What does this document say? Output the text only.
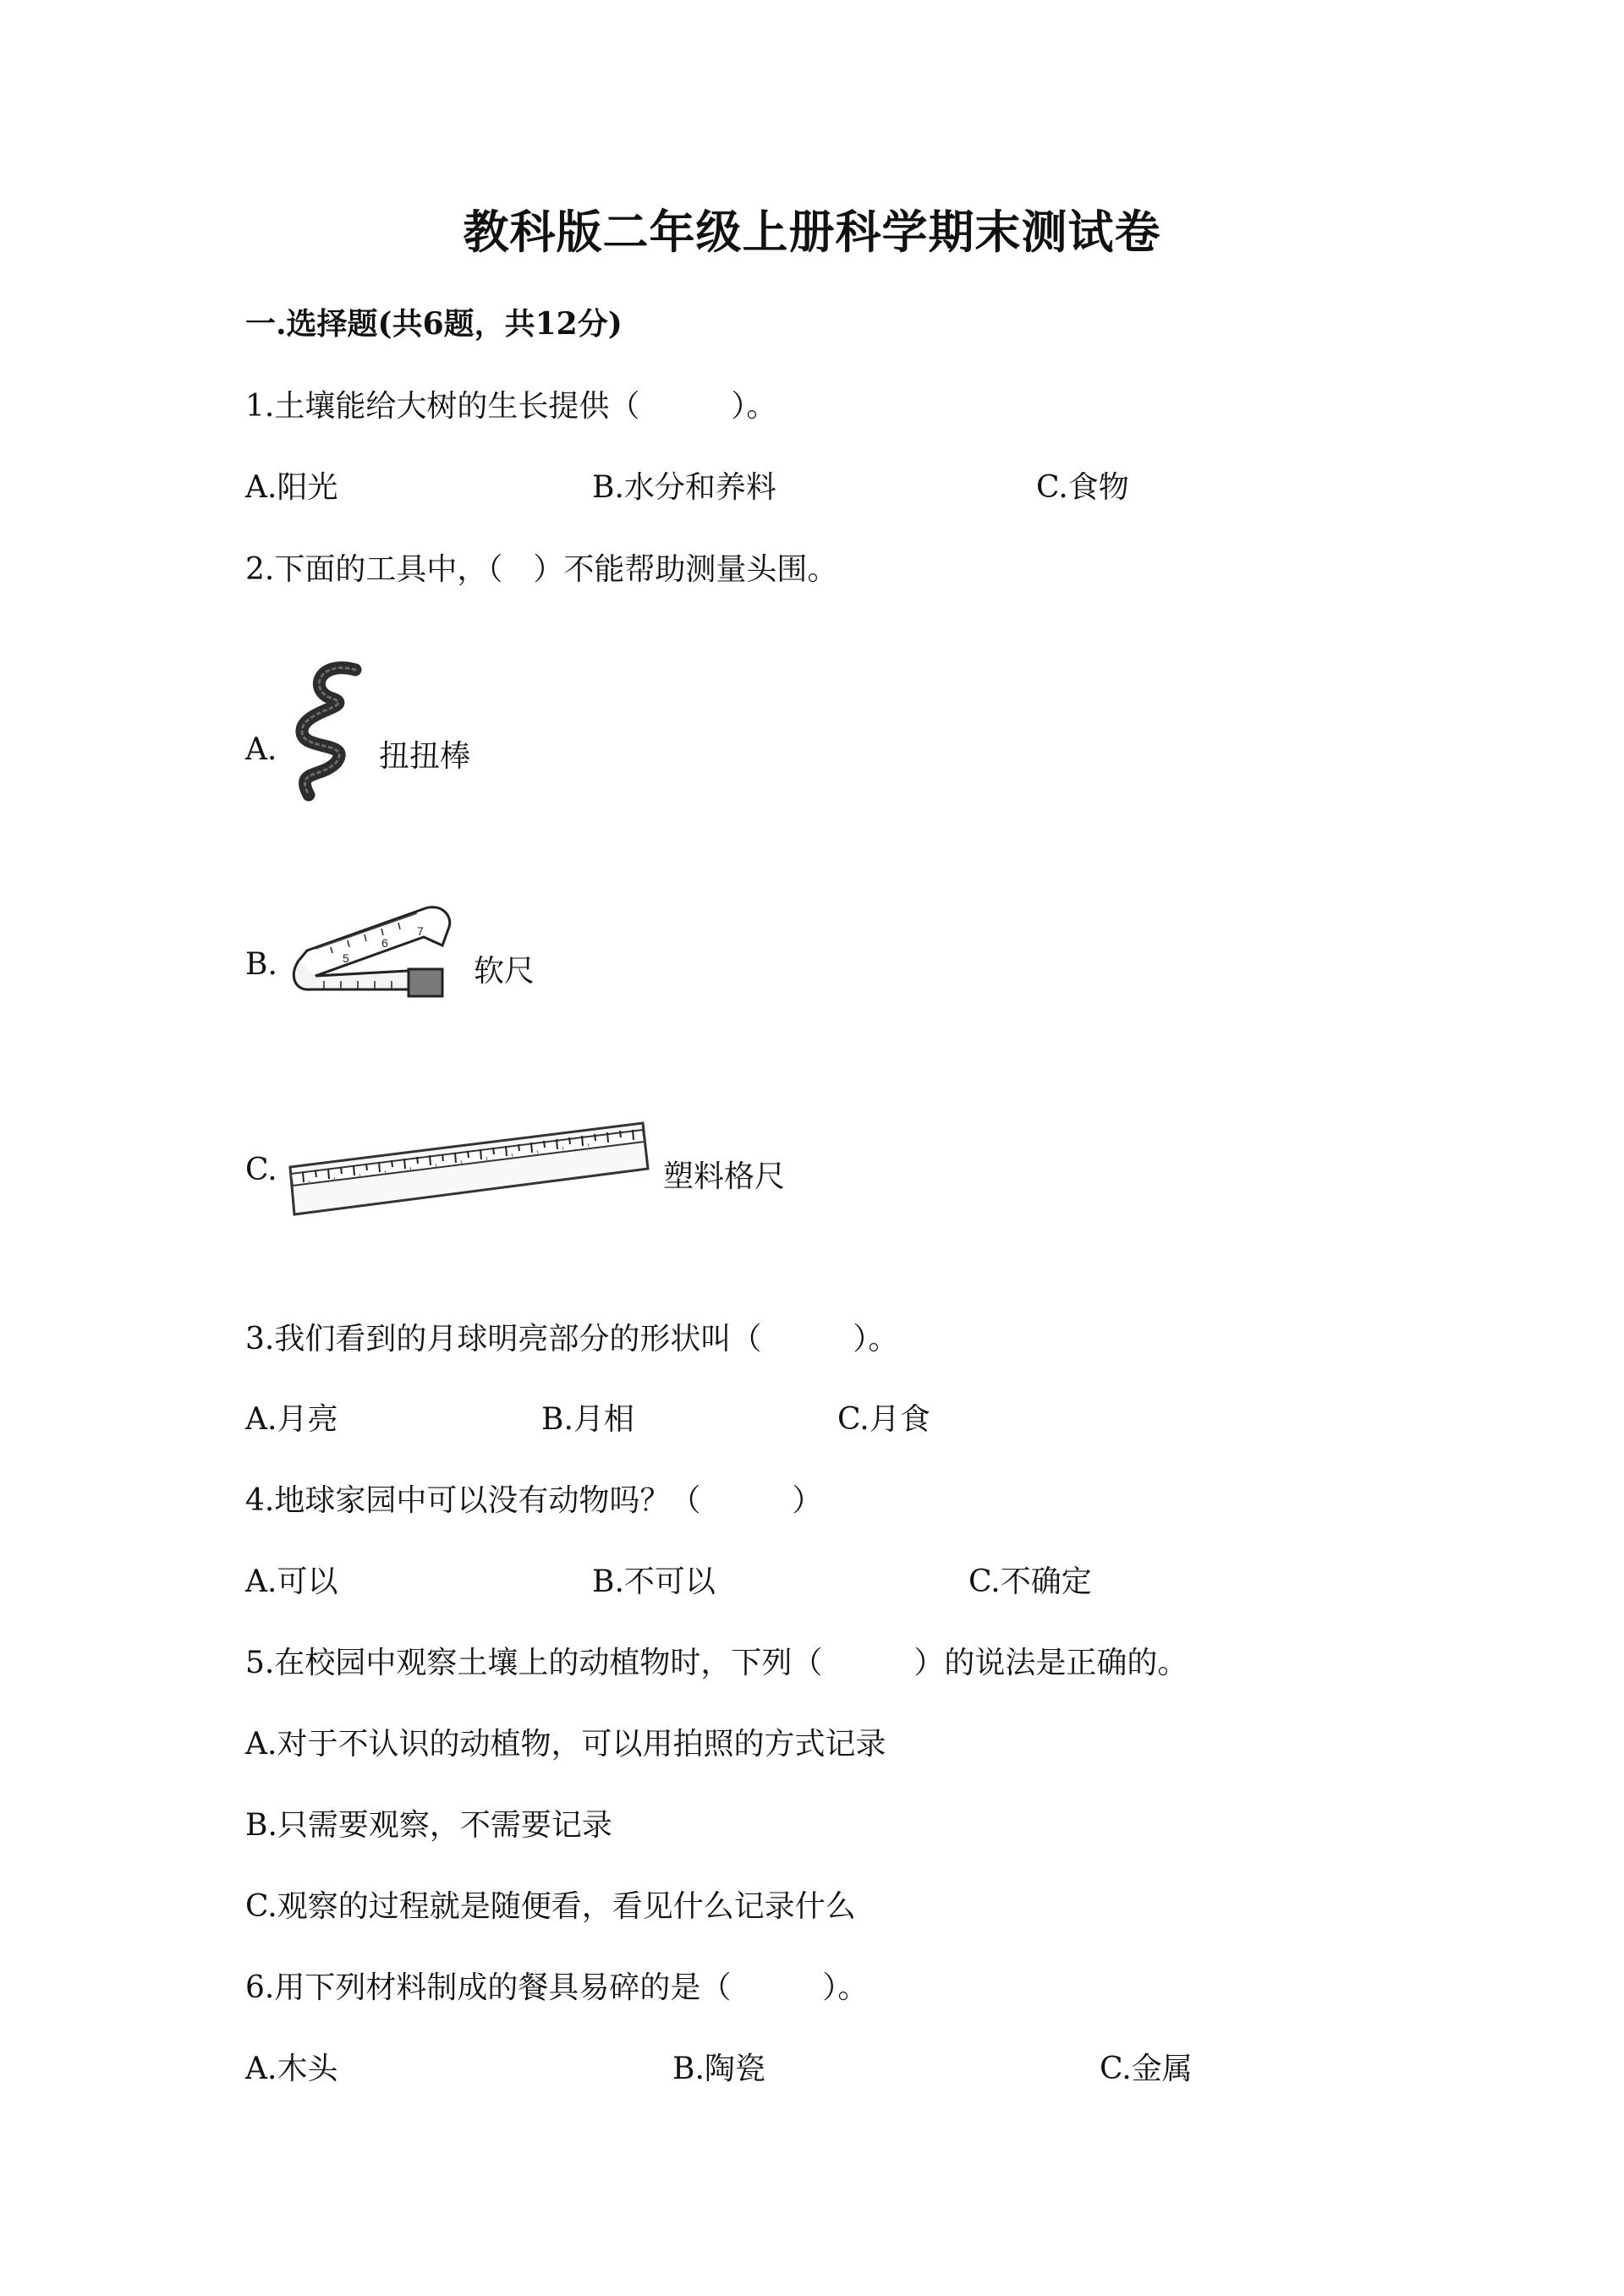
教科版二年级上册科学期末测试卷
一.选择题(共6题，共12分)
1.土壤能给大树的生长提供（　　　）。
A.阳光	B.水分和养料	C.食物
2.下面的工具中，（　）不能帮助测量头围。
A.	扭扭棒
B.	5
6
7
软尺
C.	塑料格尺
3.我们看到的月球明亮部分的形状叫（　　　）。
A.月亮	B.月相	C.月食
4.地球家园中可以没有动物吗？（　　　）
A.可以	B.不可以	C.不确定
5.在校园中观察土壤上的动植物时，下列（　　　）的说法是正确的。
A.对于不认识的动植物，可以用拍照的方式记录
B.只需要观察，不需要记录
C.观察的过程就是随便看，看见什么记录什么
6.用下列材料制成的餐具易碎的是（　　　）。
A.木头	B.陶瓷	C.金属
